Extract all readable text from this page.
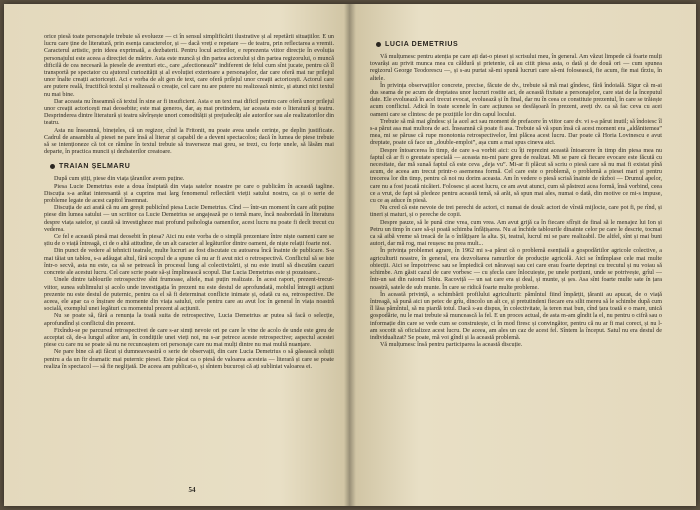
orice piesă toate personajele trebuie să evolueze — ci în sensul simplificării ilustrative și al repetării situațiilor. E un lucru care ține de literatură, prin esența caracterelor, și — dacă vreți e repetare — de teatru, prin reflectarea a vremii. Caracterul artistic, prin ideea exprimată, a dezbaterii. Pentru locul actorilor, e reprezenta viitor direcție în evoluția personajului este aceea a direcției de mărire. Asta este muncă și din partea actorului și din partea regizorului, o muncă dificilă de cea necesară la piesele de aventuri etc., care „afectionează” indiferent de felul cum sînt jucate, pentru că îl transportă pe spectator cu ajutorul curiozității și al evoluției exterioare a personajelor, dar care oferă mai rar prilejul unor înalte creații actoricești. Aci e vorba de alt gen de text, care oferă prilejul unor creații actoricești. Actorul care are putere reală, fructifică textul și realizează o creație, cel care nu are putere nu realizează nimic, și atunci nici textul nu mai bine.

Dar aceasta nu înseamnă că textul în sine ar fi insuficient. Asta e un text mai dificil pentru care oferă unor prilejul unor creații actoricești mai deosebite; este mai generos, dar, aș mai pretindem, iar aceasta este o literatură și teatru. Desprinderea dintre literatură și teatru săvîrșește unori comodității și prejudecăți ale autorilor sau ale realizatorilor din teatru.

Asta nu înseamnă, binețeles, că un regizor, cînd la Fritonit, nu poate avea unele cerințe, pe deplin justificate. Cadrul de ansamblu al piesei ne pare însă al literar și capabil de a deveni spectacolos; dacă în lumea de piese trebuie să se intenționeze că tot ce rămîne în textul trebuie să traverseze mai greu, se trezi, cu forțe unele, să lăsăm mai departe, în practica muncii și dezbaterilor creatoare.

TRAIAN ȘELMARU

După cum știți, piese din viața țăranilor avem puține.

Piesa Lucie Demetrius este a doua însiptată din viața satelor noastre pe care o publicăm în această tagline. Discuția s-a arătat interesantă și a cuprins mai larg fenomenul reflectării vieții satului nostru, ca și o serie de probleme legate de acest capitol însemnat.

Discuția de azi arată că nu am greșit publicînd piesa Lucie Demetrius. Cînd — într-un moment în care atît puține piese din lumea satului — un scriitor ca Lucie Demetrius se angajează pe o temă mare, încă neabordată în literatura despre viața satelor, și caută să investigheze mai profund psihologia oamenilor, acest lucru nu poate fi decît trecut cu vederea.

Ce fel e această piesă mai deosebit în piesa? Aici nu este vorba de o simplă prezentare între niște oameni care se știu de o viață întreagă, ci de o altă atitudine, de un alt caracter al legăturilor dintre oameni, de niște relații foarte noi.

Din punct de vedere al tehnicii teatrale, multe lucruri au fost discutate cu autoarea încă înainte de publicare. S-a mai tăiat un tablou, s-a adăugat altul, fără scopul de a spune că nu ar fi avut nici o retrospectivă. Conflictul să se iste într-o secvă, asta nu este, ca să se petreacă în procesul lung al colectivizării, și nu este inutil să discutăm cazuri concrete ale acestui lucru. Cel care scrie poate să-și împlinească scopul. Dar Lucia Demetrius este și pozatoare...

Unele dintre tablourile retrospective sînt frumoase, altele, mai puțin realizate. În acest raport, prezent-trecut-viitor, sunea sublimului și acolo unde investigația în prezent nu este destul de aprofundată, mobilul întregii acțiuni prezente nu este destul de puternic, pentru ca el să fi determinat conflicte inimate și, odată cu ea, retrospective. De aceea, ele apar ca o înșirare de momente din viața satului, cele pentru care au avut loc în general în viața noastră socială, exemplul unei legături cu momentul prezent al acțiunii.

Nu se poate să, fără a renunța la toată suita de retrospective, Lucia Demetrius ar putea să facă o selecție, aprofundînd și conflictul din prezent.

Fixîndu-se pe parcursul retrospectivei de care s-ar simți nevoie ori pe care le vine de acolo de unde este greu de acceptat că, de-a lungul atîtor ani, în condițiile unei vieți noi, nu s-ar petrece aceste retrospective; aspectul acestei piese cu care nu se poate să nu ne recunoaștem ori personaje care nu mai mulți dintre nu mai multă nuanțare.

Ne pare bine că ați făcut și dumneavoastră o serie de observații, din care Lucia Demetrius o să găsească soluții pentru a da un fir dramatic mai puternic piesei. Este păcat ca o piesă de valoarea acesteia — literară și care se poate realiza în spectacol — să fie neglijată. De aceea am publicat-o, și sîntem bucuroși că ați subliniat valoarea ei.

54
LUCIA DEMETRIUS

Vă mulțumesc pentru atenția pe care ați dat-o piesei și scrisului meu, în general. Am văzut limpede că foarte mulți tovarăși au privit munca mea cu căldură și prietenie, că au citit piesa asta, o dată și de două ori — cum spunea regizorul George Teodorescu —, și s-au purtat să-mi spună lucruri care să-mi folosească, fie acum, fie mai tîrziu, în altele.

În privința observațiilor concrete, precise, făcute de dv., trebuie să mă mai gîndesc, fără îndoială. Sigur că m-ai dus seama de pe acum de dreptatea unor lucruri rostite aci, de această fixitate a personajelor, care stat de la începutul date. Ele evoluează în acel trecut evocat, evoluează și în final, dar nu în ceea ce constituie prezentul, în care se trăiește acum conflictul. Adică în toate scenele în care acțiunea se desfășoară în prezent, aveți dv. ca să fac ceva cu acei oameni care se clintesc de pe pozițiile lor din capul locului.

Trebuie să mă mai gîndesc și la acel act sau moment de prefacere în viitor care dv. vi s-a părut inutil; să îndoiesc îl s-a părut asa mai multora de aci. Înseamnă că poate fi asa. Trebuie să vă spun însă că acest moment era „aldănitemea” mea, mi se păruse că rupe monotonia retrospectivelor, îmi plăcea acest lucru. Dar poate că Horia Lovinescu e avut dreptate, poate că face un „double-emploi”, așa cum a mai spus cineva aici.

Despre întoarcerea în timp, de care s-a vorbit aici: cu îți reprezint această întoarcere în timp din piesa mea nu faptul că ar fi o greutate specială — aceasta nu-mi pare greu de realizat. Mi se pare că fiecare evocare este făcută cu necesitate, dar mă sunaă faptul că este ceva „deja vu”. Mi-ar fi plăcut să scriu o piesă care să nu mai fi existat pînă acum, de aceea am trecut printr-o asemenea formă. Cel care este o problemă, o problemă a piesei mari și pentru trecerea lor din timp, pentru că noi nu dorim aceasta. Am în vedere o piesă scrisă înainte de război — Drumul apelor, care nu a fost jucată nicăieri. Folosesc și acest lucru, ce am avut atunci, cum să păstrezi acea formă, însă vorbind, ceea ce a vrut, de fapt să pledeze pentru această temă, să arăt, să spun mai ales, numai o dată, din motive ce mi-s impuse, cu ce aș aduce în piesă.

Nu cred că este nevoie de trei perechi de actori, ci numai de două: actori de vîrstă mijlocie, care pot fi, pe rînd, și tineri și maturi, și o pereche de copii.

Despre pauze, să le pună cine vrea, cum vrea. Am avut grijă ca în fiecare sfîrșit de final să le menajez lui Ion și Petru un timp în care să-și poată schimba înfățișarea. Nu ai închide tablourile dinainte celor pe care le descrie, tocmai ca să aibă vreme să treacă de la o înfățișare la alta. Și, teatral, lucrul mi se pare realizabil. De altfel, sînt și mai buni autori, dar mă rog, mai reușesc nu prea mult...

În privința problemei agrare, în 1962 mi s-a părut că o problemă esențială a gospodăriilor agricole colective, a agriculturii noastre, în general, era dezvoltarea ramurilor de producție agricolă. Aici se întîmplase cele mai multe obiecții. Aici se împotrivesc sau se împiedică cei năravași sau cei care erau foarte deprinși cu trecutul și nu voiau să schimbe. Am găsit cazul de care vorbesc — cu șfecla care înlocuiește, pe unele porțiuni, unde se potrivește, grîul — într-un sat din raionul Sibiu. Racoviță — un sat care era și deal, și munte, și șes. Asa sînt foarte multe sate în țara noastră, satele de sub munte. În care se ridică foarte multe probleme.

În această privință, a schimbării profilului agriculturii: pămîntul fiind împărțit, țăranii au apucat, de o viață întreagă, să pună aici un petec de grîu, dincolo un alt ce, și pretutindeni fiecare era silit mereu să le schimbe după cum îl lăsa pămîntul, să nu piardă totul. Dacă s-au dispus, în colectivitate, la teren mai bun, cînd țara toată e o mare, unică gospodărie, nu le mai trebuie să muncească la fel. E un proces actual, de asta m-am gîndit la el, nu pentru o cifră sau o informație din care se vede cum se construiește, ci în mod firesc și convingător, pentru că nu ar fi mai corect, și nu l-am socotit să oficializez acest lucru. De aceea, am ales un caz de acest fel. Sîntem la început. Satul nu era destul de individualizat? Se poate, mă voi gîndi și la această problemă.

Vă mulțumesc însă pentru participarea la această discuție.
